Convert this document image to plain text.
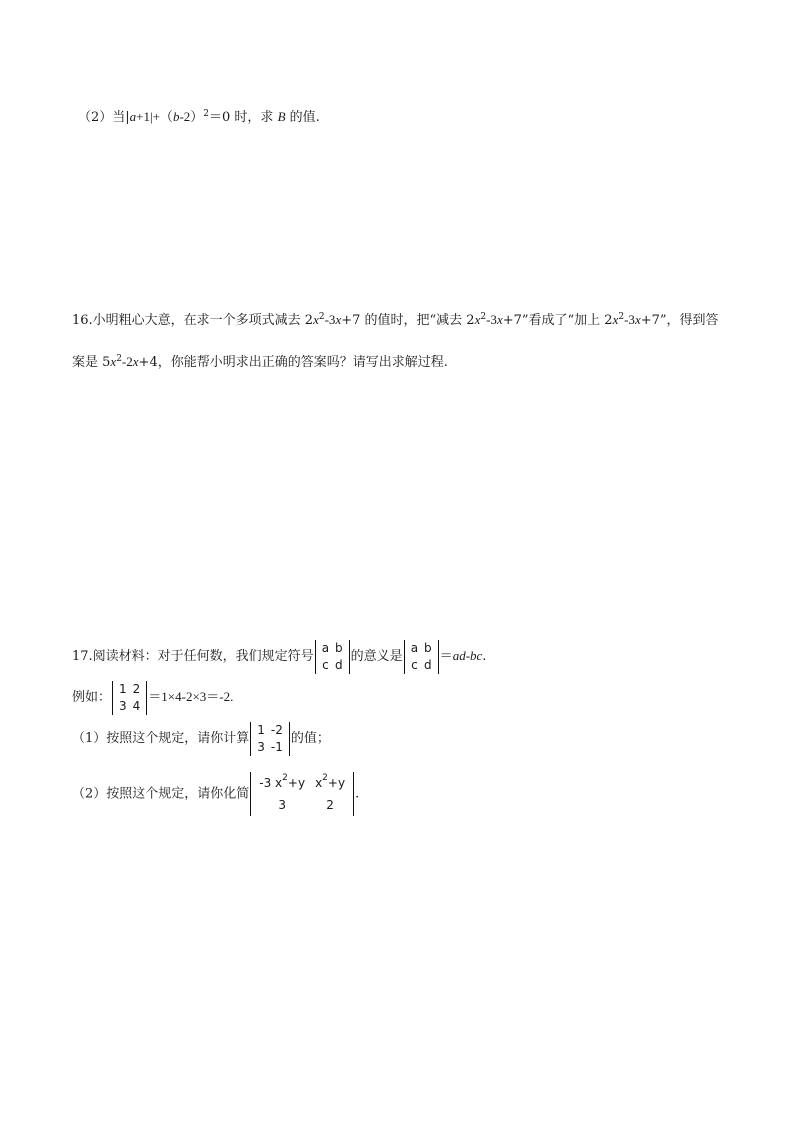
（2）当$|a+1|+(b-2)^2=0$ 时，求 B 的值.
16.小明粗心大意，在求一个多项式减去 $2x^2-3x+7$ 的值时，把“减去 $2x^2-3x+7$”看成了“加上 $2x^2-3x+7$”，得到答
案是 $5x^2-2x+4$，你能帮小明求出正确的答案吗？请写出求解过程.
17.阅读材料：对于任何数，我们规定符号
a	b
c	d
的意义是
a	b
c	d
＝ad-bc.
例如：
1	2
3	4
＝1×4-2×3＝-2.
（1）按照这个规定，请你计算
1	-2
3	-1
的值；
（2）按照这个规定，请你化简
-3 $x^2+y$	$x^2+y$
3	2
.
